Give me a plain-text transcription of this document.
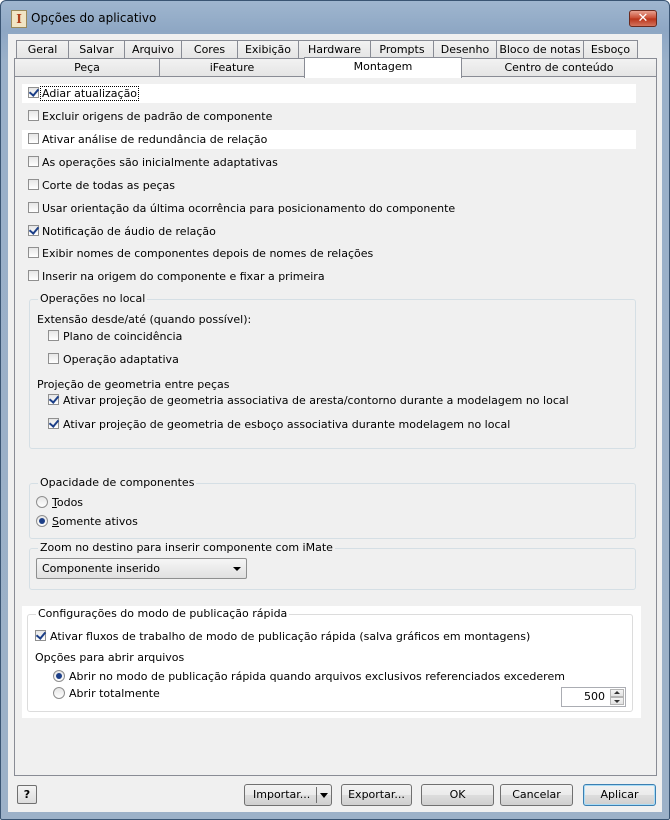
I Opções do aplicativo	✕
Geral	Salvar	Arquivo	Cores	Exibição	Hardware	Prompts	Desenho Bloco de notas Esboço
Peça	iFeature	Montagem	Centro de conteúdo
Adiar atualização
Excluir origens de padrão de componente
Ativar análise de redundância de relação
As operações são inicialmente adaptativas
Corte de todas as peças
Usar orientação da última ocorrência para posicionamento do componente
Notificação de áudio de relação
Exibir nomes de componentes depois de nomes de relações
Inserir na origem do componente e fixar a primeira
Operações no local
Extensão desde/até (quando possível):
Plano de coincidência
Operação adaptativa
Projeção de geometria entre peças
Ativar projeção de geometria associativa de aresta/contorno durante a modelagem no local
Ativar projeção de geometria de esboço associativa durante modelagem no local
Opacidade de componentes
Todos
Somente ativos
Zoom no destino para inserir componente com iMate
Componente inserido
Configurações do modo de publicação rápida
Ativar fluxos de trabalho de modo de publicação rápida (salva gráficos em montagens)
Opções para abrir arquivos
Abrir no modo de publicação rápida quando arquivos exclusivos referenciados excederem
Abrir totalmente	500
?	Importar...	Exportar...	OK	Cancelar	Aplicar
